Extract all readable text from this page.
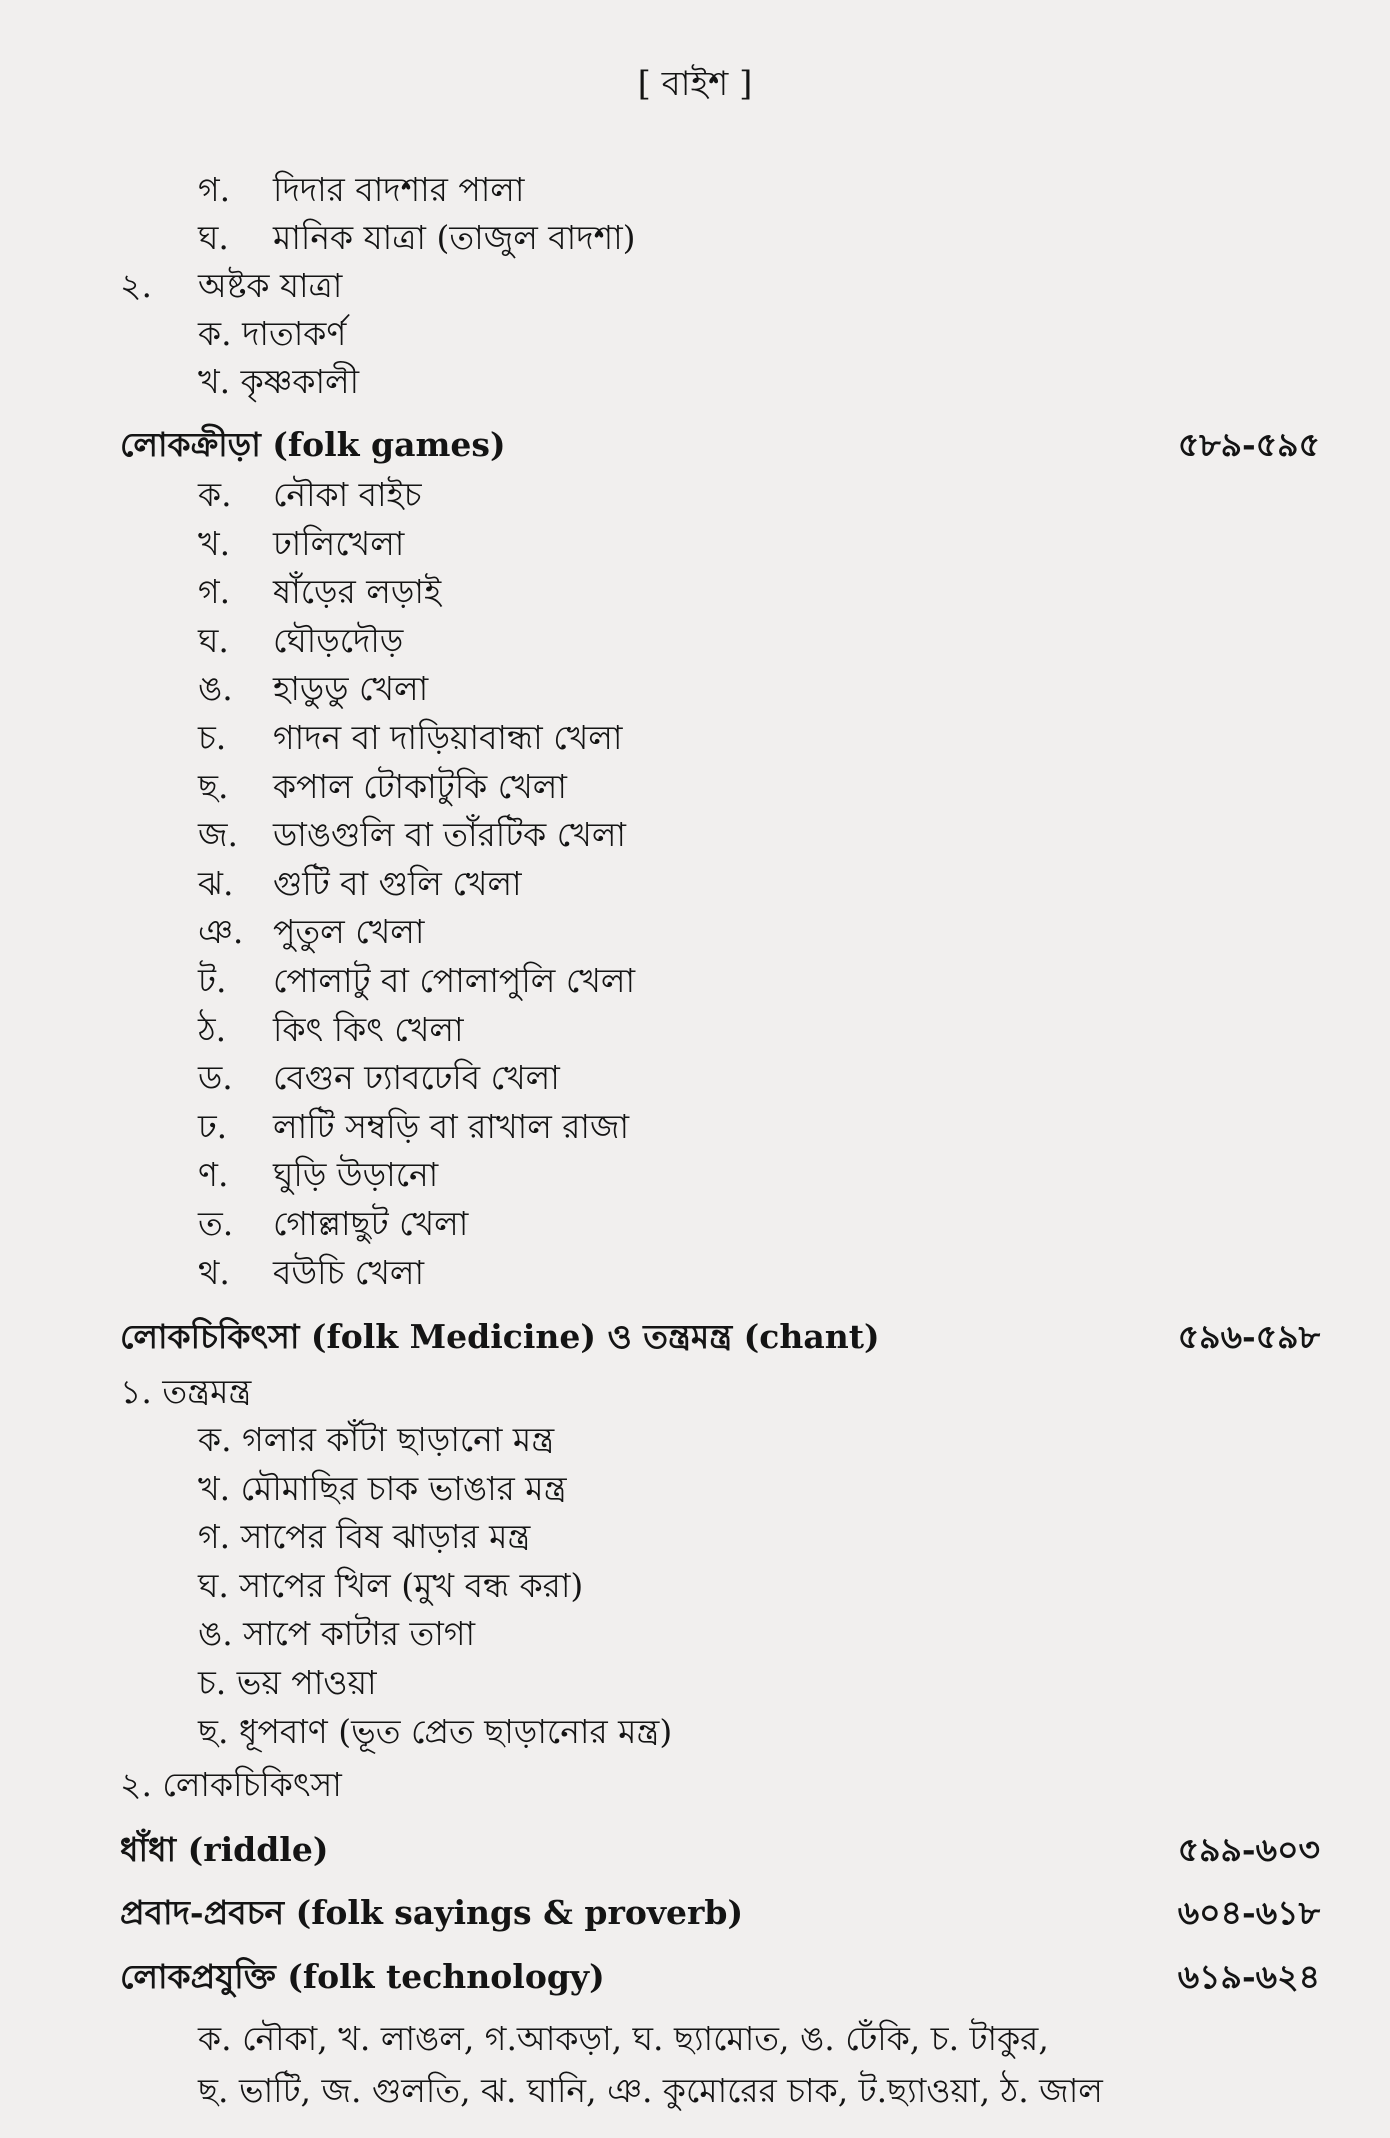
[ বাইশ ]
গ. দিদার বাদশার পালা
ঘ. মানিক যাত্রা (তাজুল বাদশা)
২. অষ্টক যাত্রা
ক. দাতাকর্ণ
খ. কৃষ্ণকালী
লোকক্রীড়া (folk games)	৫৮৯-৫৯৫
ক. নৌকা বাইচ
খ. ঢালিখেলা
গ. ষাঁড়ের লড়াই
ঘ. ঘৌড়দৌড়
ঙ. হাডুডু খেলা
চ. গাদন বা দাড়িয়াবান্ধা খেলা
ছ. কপাল টোকাটুকি খেলা
জ. ডাঙগুলি বা তাঁরটিক খেলা
ঝ. গুটি বা গুলি খেলা
ঞ. পুতুল খেলা
ট. পোলাটু বা পোলাপুলি খেলা
ঠ. কিৎ কিৎ খেলা
ড. বেগুন ঢ্যাবঢেবি খেলা
ঢ. লাটি সম্বড়ি বা রাখাল রাজা
ণ. ঘুড়ি উড়ানো
ত. গোল্লাছুট খেলা
থ. বউচি খেলা
লোকচিকিৎসা (folk Medicine) ও তন্ত্রমন্ত্র (chant)	৫৯৬-৫৯৮
১. তন্ত্রমন্ত্র
ক. গলার কাঁটা ছাড়ানো মন্ত্র
খ. মৌমাছির চাক ভাঙার মন্ত্র
গ. সাপের বিষ ঝাড়ার মন্ত্র
ঘ. সাপের খিল (মুখ বন্ধ করা)
ঙ. সাপে কাটার তাগা
চ. ভয় পাওয়া
ছ. ধূপবাণ (ভূত প্রেত ছাড়ানোর মন্ত্র)
২. লোকচিকিৎসা
ধাঁধা (riddle)	৫৯৯-৬০৩
প্রবাদ-প্রবচন (folk sayings & proverb)	৬০৪-৬১৮
লোকপ্রযুক্তি (folk technology)	৬১৯-৬২৪
ক. নৌকা, খ. লাঙল, গ.আকড়া, ঘ. ছ্যামোত, ঙ. ঢেঁকি, চ. টাকুর,
ছ. ভাটি, জ. গুলতি, ঝ. ঘানি, ঞ. কুমোরের চাক, ট.ছ্যাওয়া, ঠ. জাল
